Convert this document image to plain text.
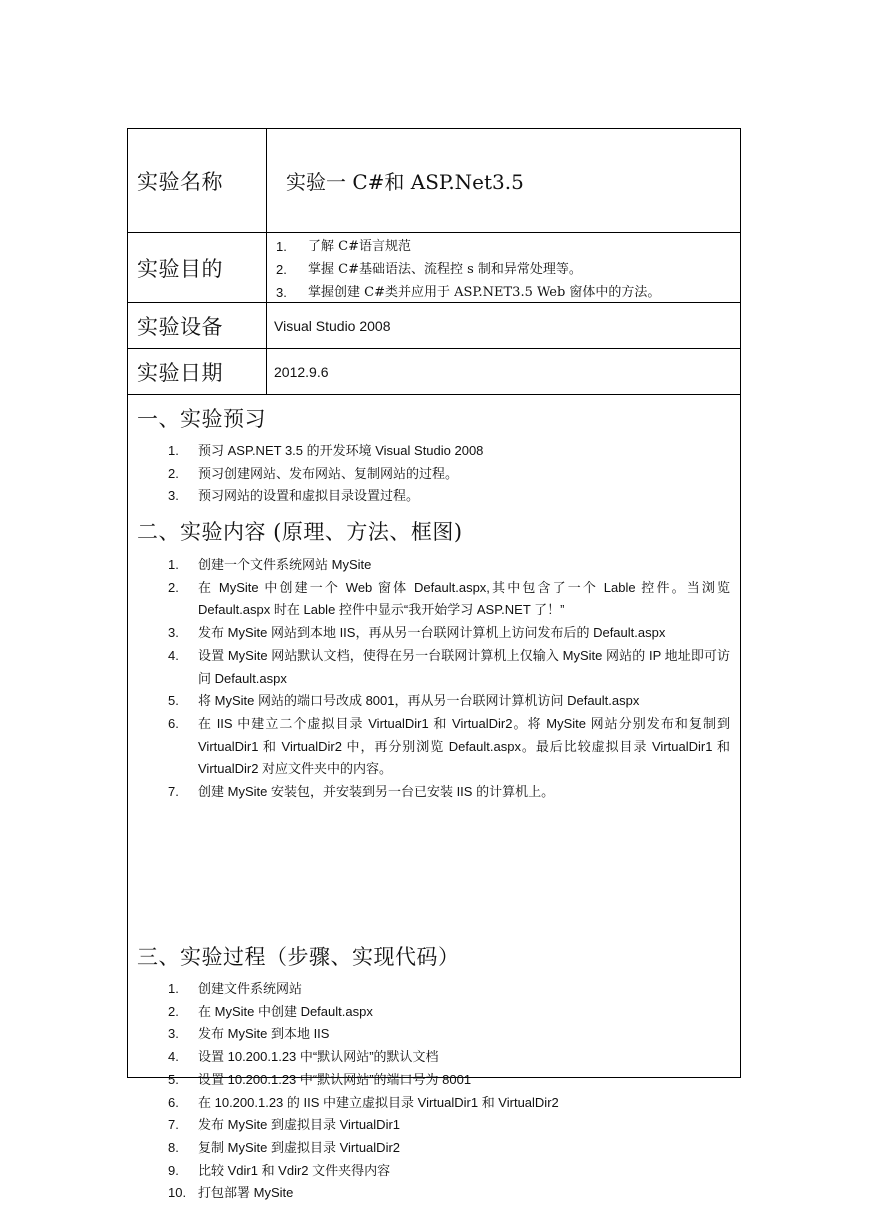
实验名称	实验一 C#和 ASP.Net3.5
实验目的
1.	了解 C#语言规范
2.	掌握 C#基础语法、流程控 s 制和异常处理等。
3.	掌握创建 C#类并应用于 ASP.NET3.5 Web 窗体中的方法。
实验设备	Visual Studio 2008
实验日期	2012.9.6
一、实验预习
1.	预习 ASP.NET 3.5 的开发环境 Visual Studio 2008
2.	预习创建网站、发布网站、复制网站的过程。
3.	预习网站的设置和虚拟目录设置过程。
二、实验内容 (原理、方法、框图)
1.	创建一个文件系统网站 MySite
2.	在 MySite 中创建一个 Web 窗体 Default.aspx,其中包含了一个 Lable 控件。当浏览 Default.aspx 时在 Lable 控件中显示“我开始学习 ASP.NET 了！”
3.	发布 MySite 网站到本地 IIS，再从另一台联网计算机上访问发布后的 Default.aspx
4.	设置 MySite 网站默认文档，使得在另一台联网计算机上仅输入 MySite 网站的 IP 地址即可访问 Default.aspx
5.	将 MySite 网站的端口号改成 8001，再从另一台联网计算机访问 Default.aspx
6.	在 IIS 中建立二个虚拟目录 VirtualDir1 和 VirtualDir2。将 MySite 网站分别发布和复制到 VirtualDir1 和 VirtualDir2 中，再分别浏览 Default.aspx。最后比较虚拟目录 VirtualDir1 和 VirtualDir2 对应文件夹中的内容。
7.	创建 MySite 安装包，并安装到另一台已安装 IIS 的计算机上。
三、实验过程（步骤、实现代码）
1.	创建文件系统网站
2.	在 MySite 中创建 Default.aspx
3.	发布 MySite 到本地 IIS
4.	设置 10.200.1.23 中“默认网站”的默认文档
5.	设置 10.200.1.23 中“默认网站”的端口号为 8001
6.	在 10.200.1.23 的 IIS 中建立虚拟目录 VirtualDir1 和 VirtualDir2
7.	发布 MySite 到虚拟目录 VirtualDir1
8.	复制 MySite 到虚拟目录 VirtualDir2
9.	比较 Vdir1 和 Vdir2 文件夹得内容
10. 打包部署 MySite
